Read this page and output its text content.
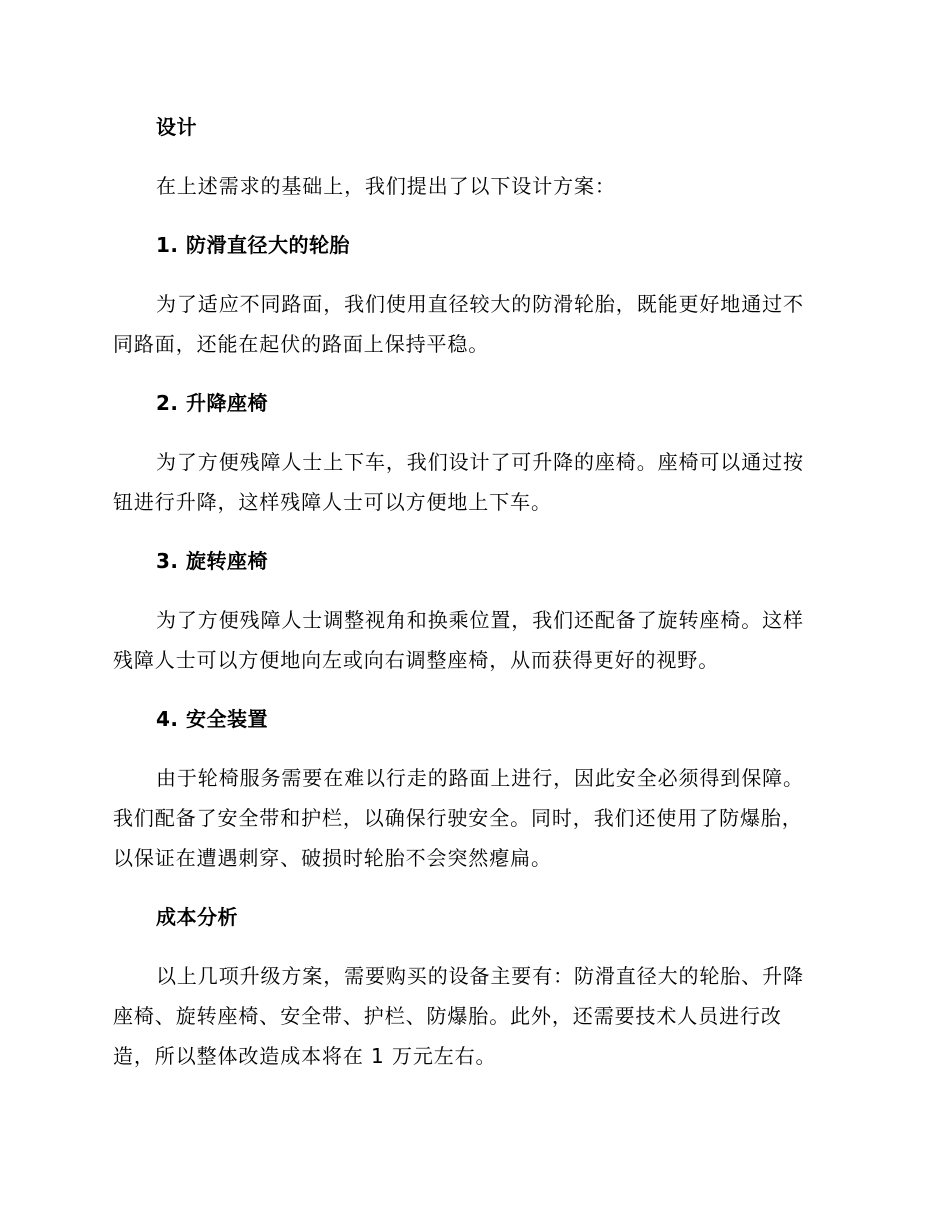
设计

在上述需求的基础上，我们提出了以下设计方案：

1. 防滑直径大的轮胎

为了适应不同路面，我们使用直径较大的防滑轮胎，既能更好地通过不

同路面，还能在起伏的路面上保持平稳。

2. 升降座椅

为了方便残障人士上下车，我们设计了可升降的座椅。座椅可以通过按

钮进行升降，这样残障人士可以方便地上下车。

3. 旋转座椅

为了方便残障人士调整视角和换乘位置，我们还配备了旋转座椅。这样

残障人士可以方便地向左或向右调整座椅，从而获得更好的视野。

4. 安全装置

由于轮椅服务需要在难以行走的路面上进行，因此安全必须得到保障。

我们配备了安全带和护栏，以确保行驶安全。同时，我们还使用了防爆胎，

以保证在遭遇刺穿、破损时轮胎不会突然瘪扁。

成本分析

以上几项升级方案，需要购买的设备主要有：防滑直径大的轮胎、升降

座椅、旋转座椅、安全带、护栏、防爆胎。此外，还需要技术人员进行改

造，所以整体改造成本将在 1 万元左右。
